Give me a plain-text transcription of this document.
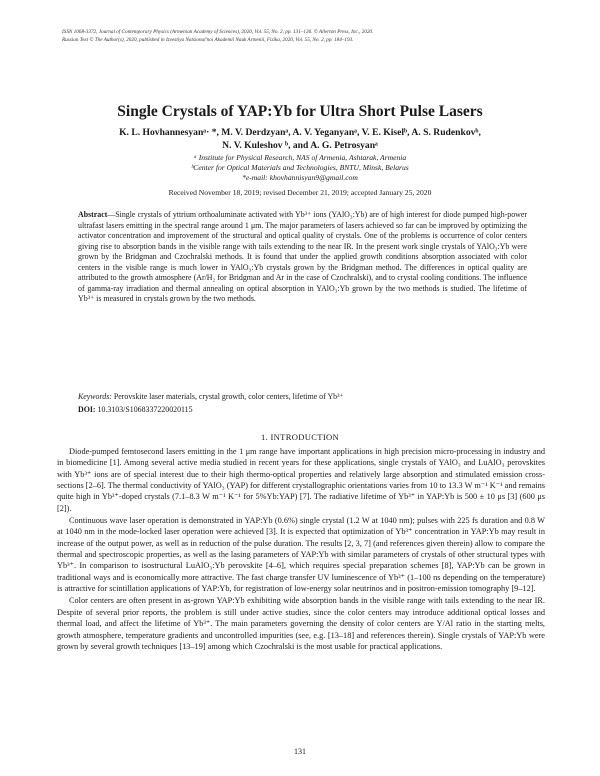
ISSN 1068-3372, Journal of Contemporary Physics (Armenian Academy of Sciences), 2020, Vol. 55, No. 2, pp. 131–136. © Allerton Press, Inc., 2020.
Russian Text © The Author(s), 2020, published in Izvestiya Natsional'noi Akademii Nauk Armenii, Fizika, 2020, Vol. 55, No. 2, pp. 184–193.
Single Crystals of YAP:Yb for Ultra Short Pulse Lasers
K. L. Hovhannesyanᵃ· *, M. V. Derdzyanᵃ, A. V. Yeganyanᵃ, V. E. Kiselᵇ, A. S. Rudenkovᵇ,
N. V. Kuleshov ᵇ, and A. G. Petrosyanᵃ
ᵃ Institute for Physical Research, NAS of Armenia, Ashtarak, Armenia
ᵇCenter for Optical Materials and Technologies, BNTU, Minsk, Belarus
*e-mail: khovhannisyan9@gmail.com
Received November 18, 2019; revised December 21, 2019; accepted January 25, 2020
Abstract—Single crystals of yttrium orthoaluminate activated with Yb³⁺ ions (YAlO₃:Yb) are of high interest for diode pumped high-power ultrafast lasers emitting in the spectral range around 1 μm. The major parameters of lasers achieved so far can be improved by optimizing the activator concentration and improvement of the structural and optical quality of crystals. One of the problems is occurrence of color centers giving rise to absorption bands in the visible range with tails extending to the near IR. In the present work single crystals of YAlO₃:Yb were grown by the Bridgman and Czochralski methods. It is found that under the applied growth conditions absorption associated with color centers in the visible range is much lower in YAlO₃:Yb crystals grown by the Bridgman method. The differences in optical quality are attributed to the growth atmosphere (Ar/H₂ for Bridgman and Ar in the case of Czochralski), and to crystal cooling conditions. The influence of gamma-ray irradiation and thermal annealing on optical absorption in YAlO₃:Yb grown by the two methods is studied. The lifetime of Yb³⁺ is measured in crystals grown by the two methods.
Keywords: Perovskite laser materials, crystal growth, color centers, lifetime of Yb³⁺
DOI: 10.3103/S1068337220020115
1. INTRODUCTION

Diode-pumped femtosecond lasers emitting in the 1 μm range have important applications in high precision micro-processing in industry and in biomedicine [1]. Among several active media studied in recent years for these applications, single crystals of YAlO₃ and LuAlO₃ perovskites with Yb³⁺ ions are of special interest due to their high thermo-optical properties and relatively large absorption and stimulated emission cross-sections [2–6]. The thermal conductivity of YAlO₃ (YAP) for different crystallographic orientations varies from 10 to 13.3 W m⁻¹ K⁻¹ and remains quite high in Yb³⁺-doped crystals (7.1–8.3 W m⁻¹ K⁻¹ for 5%Yb:YAP) [7]. The radiative lifetime of Yb³⁺ in YAP:Yb is 500 ± 10 μs [3] (600 μs [2]).

Continuous wave laser operation is demonstrated in YAP:Yb (0.6%) single crystal (1.2 W at 1040 nm); pulses with 225 fs duration and 0.8 W at 1040 nm in the mode-locked laser operation were achieved [3]. It is expected that optimization of Yb³⁺ concentration in YAP:Yb may result in increase of the output power, as well as in reduction of the pulse duration. The results [2, 3, 7] (and references given therein) allow to compare the thermal and spectroscopic properties, as well as the lasing parameters of YAP:Yb with similar parameters of crystals of other structural types with Yb³⁺. In comparison to isostructural LuAlO₃:Yb perovskite [4–6], which requires special preparation schemes [8], YAP:Yb can be grown in traditional ways and is economically more attractive. The fast charge transfer UV luminescence of Yb³⁺ (1–100 ns depending on the temperature) is attractive for scintillation applications of YAP:Yb, for registration of low-energy solar neutrinos and in positron-emission tomography [9–12].

Color centers are often present in as-grown YAP:Yb exhibiting wide absorption bands in the visible range with tails extending to the near IR. Despite of several prior reports, the problem is still under active studies, since the color centers may introduce additional optical losses and thermal load, and affect the lifetime of Yb³⁺. The main parameters governing the density of color centers are Y/Al ratio in the starting melts, growth atmosphere, temperature gradients and uncontrolled impurities (see, e.g. [13–18] and references therein). Single crystals of YAP:Yb were grown by several growth techniques [13–19] among which Czochralski is the most usable for practical applications.

131
